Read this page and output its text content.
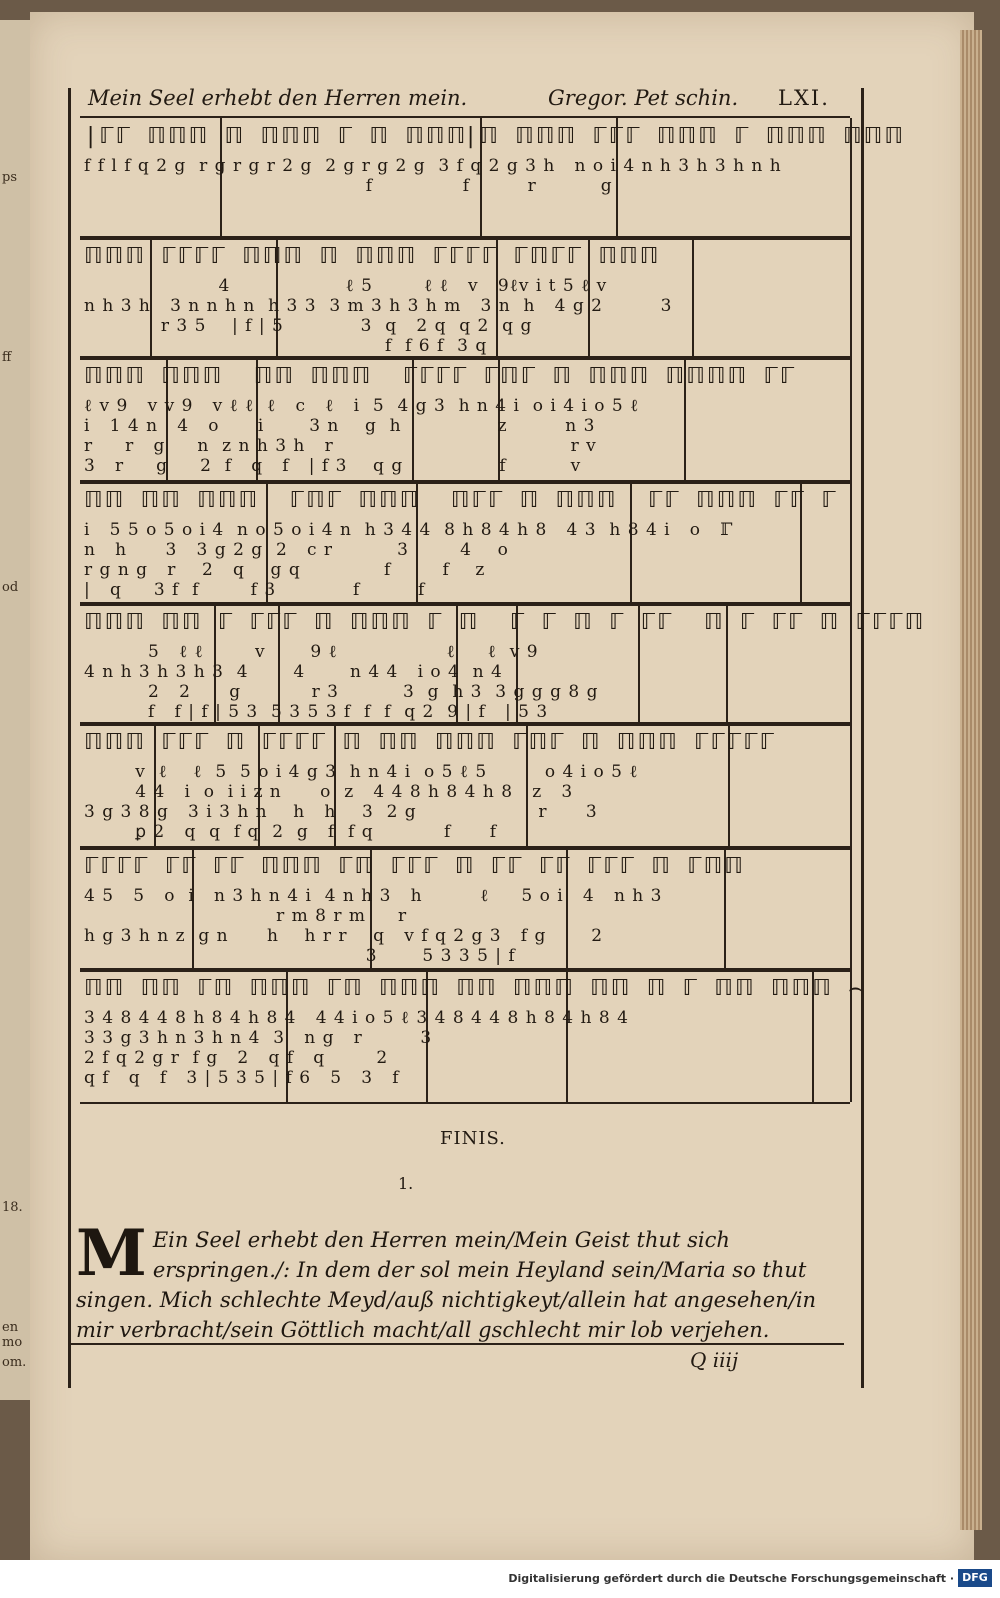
ps
ff
od
18.
en mo
om.
Mein Seel erhebt den Herren mein.	Gregor. Pet schin. LXI.
|ℾℾ ℿℿℿ ℿ ℿℿℿ ℾ ℿ ℿℿℿ
|ℿ ℿℿℿ ℾℾℾ ℿℿℿ ℾ ℿℿℿ ℿℿℿ
f f l f q 2 g  r g r g r 2 g  2 g r g 2 g  3 f q 2 g 3 h   n o i 4 n h 3 h 3 h n h
f              f         r          g
ℿℿℿ ℾℾℾℾ ℿℿℿ ℿ ℿℿℿ ℾℾℾℾ ℾℿℾℾ ℿℿℿ
4                  ℓ 5        ℓ ℓ   v   9ℓv i t 5 ℓ v
n h 3 h   3 n n h n  h 3 3  3 m 3 h 3 h m   3 n  h   4 g 2         3
r 3 5    | f | 5            3  q   2 q  q 2  q g
f  f 6 f  3 q
ℿℿℿ ℿℿℿ  ℿℿ ℿℿℿ  ℾℾℾℾ ℾℿℾ ℿ ℿℿℿ ℿℿℿℿ ℾℾ
ℓ v 9   v v 9   v ℓ ℓ  ℓ   c   ℓ   i  5  4 g 3  h n 4 i  o i 4 i o 5 ℓ
i   1 4 n   4   o      i       3 n    g  h               z         n 3
r     r   g     n  z n h 3 h   r                                     r v
3   r     g     2  f   q   f   | f 3    q g               f          v
ℿℿ ℿℿ ℿℿℿ  ℾℿℾ ℿℿℿ  ℿℾℾ ℿ ℿℿℿ  ℾℾ ℿℿℿ ℾℾ ℾ
i   5 5 o 5 o i 4  n o 5 o i 4 n  h 3 4 4  8 h 8 4 h 8   4 3  h 8 4 i   o   ℾ
n   h      3   3 g 2 g  2   c r          3        4    o
r g n g   r    2   q    g q             f        f    z
|   q     3 f  f        f 3            f         f
ℿℿℿ ℿℿ ℾ ℾℾℾ ℿ ℿℿℿ ℾ ℿ  ℾ ℾ ℿ ℾ ℾℾ  ℿ ℾ ℾℾ ℿ ℾℾℾℿ
5   ℓ ℓ        v       9 ℓ                 ℓ     ℓ  v 9
4 n h 3 h 3 h 3  4       4       n 4 4   i o 4  n 4
2   2      g           r 3          3  g  h 3  3 g g g 8 g
f   f | f | 5 3  5 3 5 3 f  f  f  q 2  9 | f   | 5 3
ℿℿℿ ℾℾℾ ℿ ℾℾℾℾ ℿ ℿℿ ℿℿℿ ℾℿℾ ℿ ℿℿℿ ℾℾℾℾℾ
v  ℓ    ℓ  5  5 o i 4 g 3  h n 4 i  o 5 ℓ 5         o 4 i o 5 ℓ
4 4   i  o  i i z n      o  z   4 4 8 h 8 4 h 8   z   3
3 g 3 8 g   3 i 3 h n    h   h    3  2 g                   r      3
ꝑ 2   q  q  f q  2  g   f  f q           f      f
ℾℾℾℾ ℾℾ ℾℾ ℿℿℿ ℾℿ ℾℾℾ ℿ ℾℾ ℾℾ ℾℾℾ ℿ ℾℿℿ
4 5   5   o  i   n 3 h n 4 i  4 n h 3   h         ℓ     5 o i   4   n h 3
r m 8 r m     r
h g 3 h n z  g n      h    h r r    q   v f q 2 g 3   f g       2
3       5 3 3 5 | f
ℿℿ ℿℿ ℾℿ ℿℿℿ ℾℿ ℿℿℿ ℿℿ ℿℿℿ ℿℿ ℿ ℾ ℿℿ ℿℿℿ ⌢
3 4 8 4 4 8 h 8 4 h 8 4   4 4 i o 5 ℓ 3 4 8 4 4 8 h 8 4 h 8 4
3 3 g 3 h n 3 h n 4  3   n g   r         3
2 f q 2 g r  f g   2   q f   q        2
q f   q   f   3 | 5 3 5 | f 6   5   3   f
FINIS.
1.
M Ein Seel erhebt den Herren mein/Mein Geist thut sich erspringen./: In dem der sol mein Heyland sein/Maria so thut singen. Mich schlechte Meyd/auß nichtigkeyt/allein hat angesehen/in mir verbracht/sein Göttlich macht/all gschlecht mir lob verjehen.
Q iiij
Digitalisierung gefördert durch die Deutsche Forschungsgemeinschaft · DFG
